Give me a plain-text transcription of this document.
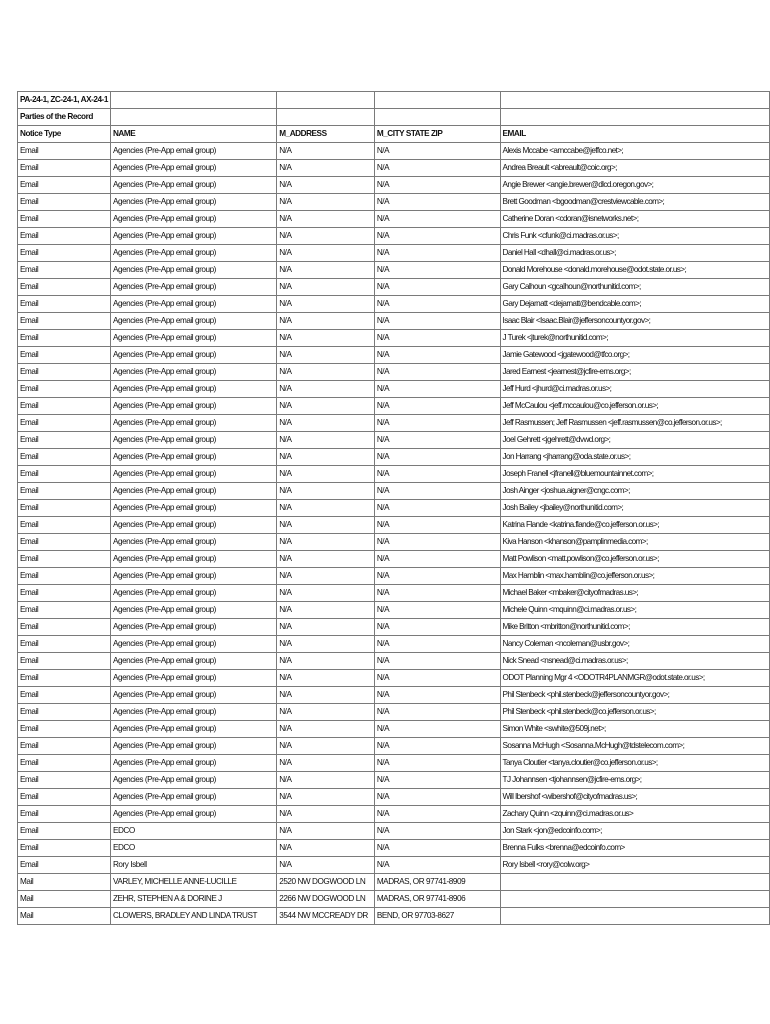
PA-24-1, ZC-24-1, AX-24-1				
Parties of the Record				
Notice Type	NAME	M_ADDRESS	M_CITY STATE ZIP	EMAIL
Email	Agencies (Pre-App email group)	N/A	N/A	Alexis Mccabe <amccabe@jeffco.net>;
Email	Agencies (Pre-App email group)	N/A	N/A	Andrea Breault <abreault@coic.org>;
Email	Agencies (Pre-App email group)	N/A	N/A	Angie Brewer <angie.brewer@dlcd.oregon.gov>;
Email	Agencies (Pre-App email group)	N/A	N/A	Brett Goodman <bgoodman@crestviewcable.com>;
Email	Agencies (Pre-App email group)	N/A	N/A	Catherine Doran <cdoran@isnetworks.net>;
Email	Agencies (Pre-App email group)	N/A	N/A	Chris Funk <cfunk@ci.madras.or.us>;
Email	Agencies (Pre-App email group)	N/A	N/A	Daniel Hall <dhall@ci.madras.or.us>;
Email	Agencies (Pre-App email group)	N/A	N/A	Donald Morehouse <donald.morehouse@odot.state.or.us>;
Email	Agencies (Pre-App email group)	N/A	N/A	Gary Calhoun <gcalhoun@northunitid.com>;
Email	Agencies (Pre-App email group)	N/A	N/A	Gary Dejarnatt <dejarnatt@bendcable.com>;
Email	Agencies (Pre-App email group)	N/A	N/A	Isaac Blair <Isaac.Blair@jeffersoncountyor.gov>;
Email	Agencies (Pre-App email group)	N/A	N/A	J Turek <jturek@northunitid.com>;
Email	Agencies (Pre-App email group)	N/A	N/A	Jamie Gatewood <jgatewood@tfco.org>;
Email	Agencies (Pre-App email group)	N/A	N/A	Jared Earnest <jearnest@jcfire-ems.org>;
Email	Agencies (Pre-App email group)	N/A	N/A	Jeff Hurd <jhurd@ci.madras.or.us>;
Email	Agencies (Pre-App email group)	N/A	N/A	Jeff McCaulou <jeff.mccaulou@co.jefferson.or.us>;
Email	Agencies (Pre-App email group)	N/A	N/A	Jeff Rasmussen; Jeff Rasmussen <jeff.rasmussen@co.jefferson.or.us>;
Email	Agencies (Pre-App email group)	N/A	N/A	Joel Gehrett <jgehrett@dvwd.org>;
Email	Agencies (Pre-App email group)	N/A	N/A	Jon Harrang <jharrang@oda.state.or.us>;
Email	Agencies (Pre-App email group)	N/A	N/A	Joseph Franell <jfranell@bluemountainnet.com>;
Email	Agencies (Pre-App email group)	N/A	N/A	Josh Ainger <joshua.aigner@cngc.com>;
Email	Agencies (Pre-App email group)	N/A	N/A	Josh Bailey <jbailey@northunitid.com>;
Email	Agencies (Pre-App email group)	N/A	N/A	Katrina Flande <katrina.flande@co.jefferson.or.us>;
Email	Agencies (Pre-App email group)	N/A	N/A	Kiva Hanson <khanson@pamplinmedia.com>;
Email	Agencies (Pre-App email group)	N/A	N/A	Matt Powlison <matt.powlison@co.jefferson.or.us>;
Email	Agencies (Pre-App email group)	N/A	N/A	Max Hamblin <max.hamblin@co.jefferson.or.us>;
Email	Agencies (Pre-App email group)	N/A	N/A	Michael Baker <mbaker@cityofmadras.us>;
Email	Agencies (Pre-App email group)	N/A	N/A	Michele Quinn <mquinn@ci.madras.or.us>;
Email	Agencies (Pre-App email group)	N/A	N/A	Mike Britton <mbritton@northunitid.com>;
Email	Agencies (Pre-App email group)	N/A	N/A	Nancy Coleman <ncoleman@usbr.gov>;
Email	Agencies (Pre-App email group)	N/A	N/A	Nick Snead <nsnead@ci.madras.or.us>;
Email	Agencies (Pre-App email group)	N/A	N/A	ODOT Planning Mgr 4 <ODOTR4PLANMGR@odot.state.or.us>;
Email	Agencies (Pre-App email group)	N/A	N/A	Phil Stenbeck <phil.stenbeck@jeffersoncountyor.gov>;
Email	Agencies (Pre-App email group)	N/A	N/A	Phil Stenbeck <phil.stenbeck@co.jefferson.or.us>;
Email	Agencies (Pre-App email group)	N/A	N/A	Simon White <swhite@509j.net>;
Email	Agencies (Pre-App email group)	N/A	N/A	Sosanna McHugh <Sosanna.McHugh@tdstelecom.com>;
Email	Agencies (Pre-App email group)	N/A	N/A	Tanya Cloutier <tanya.cloutier@co.jefferson.or.us>;
Email	Agencies (Pre-App email group)	N/A	N/A	TJ Johannsen <tjohannsen@jcfire-ems.org>;
Email	Agencies (Pre-App email group)	N/A	N/A	Will Ibershof <wibershof@cityofmadras.us>;
Email	Agencies (Pre-App email group)	N/A	N/A	Zachary Quinn <zquinn@ci.madras.or.us>
Email	EDCO	N/A	N/A	Jon Stark <jon@edcoinfo.com>;
Email	EDCO	N/A	N/A	Brenna Fulks <brenna@edcoinfo.com>
Email	Rory Isbell	N/A	N/A	Rory Isbell <rory@colw.org>
Mail	VARLEY, MICHELLE ANNE-LUCILLE	2520 NW DOGWOOD LN	MADRAS, OR 97741-8909	
Mail	ZEHR, STEPHEN A & DORINE J	2266 NW DOGWOOD LN	MADRAS, OR 97741-8906	
Mail	CLOWERS, BRADLEY AND LINDA TRUST	3544 NW MCCREADY DR	BEND, OR 97703-8627	
